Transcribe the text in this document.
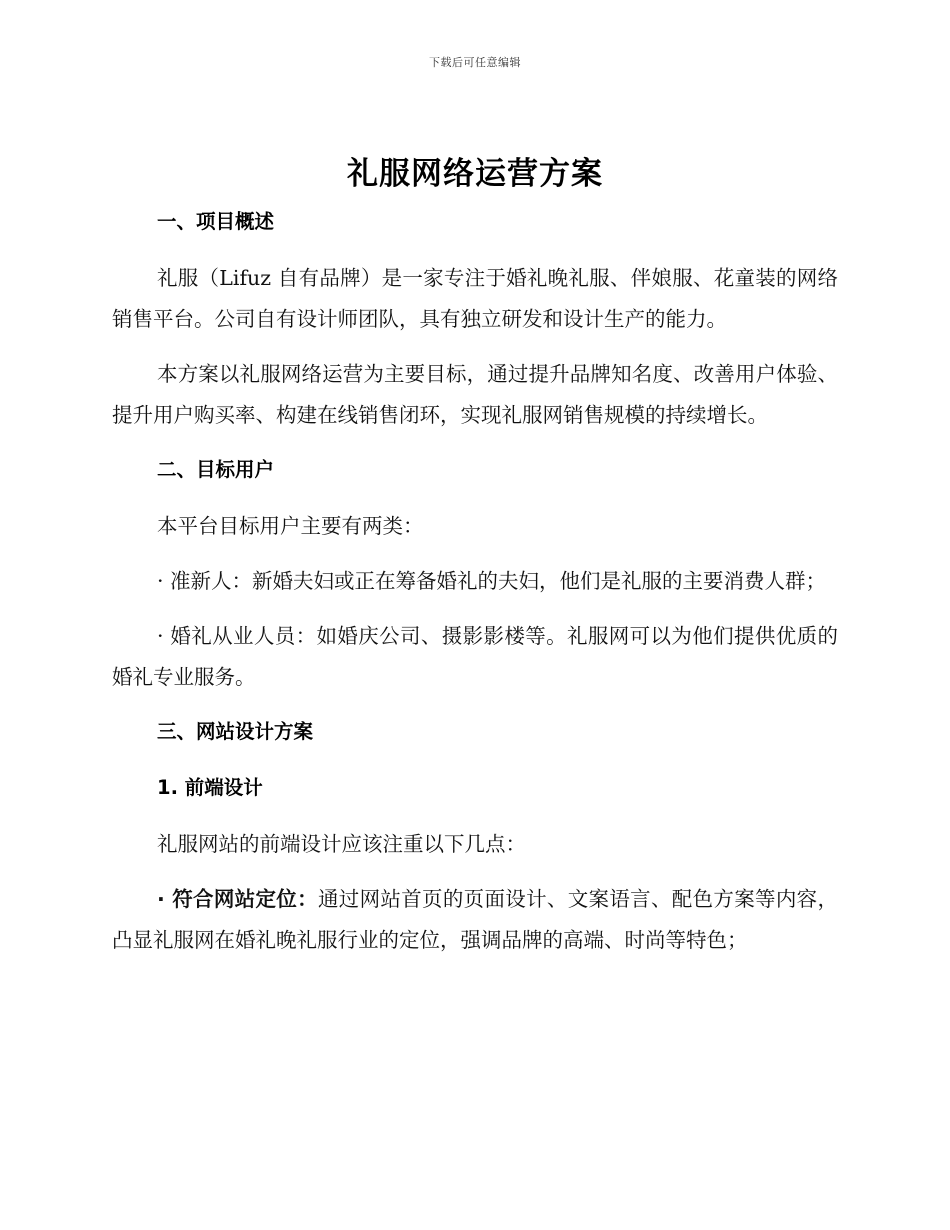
下载后可任意编辑
礼服网络运营方案
一、项目概述

礼服（Lifuz 自有品牌）是一家专注于婚礼晚礼服、伴娘服、花童装的网络销售平台。公司自有设计师团队，具有独立研发和设计生产的能力。

本方案以礼服网络运营为主要目标，通过提升品牌知名度、改善用户体验、提升用户购买率、构建在线销售闭环，实现礼服网销售规模的持续增长。

二、目标用户

本平台目标用户主要有两类：

· 准新人：新婚夫妇或正在筹备婚礼的夫妇，他们是礼服的主要消费人群；

· 婚礼从业人员：如婚庆公司、摄影影楼等。礼服网可以为他们提供优质的婚礼专业服务。

三、网站设计方案
1. 前端设计

礼服网站的前端设计应该注重以下几点：

· 符合网站定位：通过网站首页的页面设计、文案语言、配色方案等内容，凸显礼服网在婚礼晚礼服行业的定位，强调品牌的高端、时尚等特色；
